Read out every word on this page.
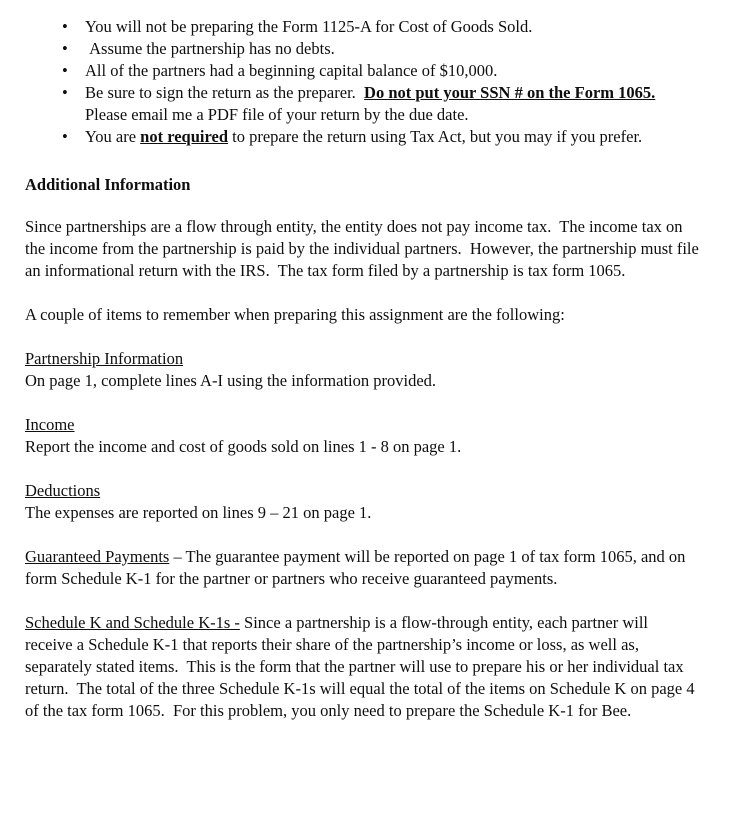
•	You will not be preparing the Form 1125-A for Cost of Goods Sold.
•	Assume the partnership has no debts.
•	All of the partners had a beginning capital balance of $10,000.
•	Be sure to sign the return as the preparer.  Do not put your SSN # on the Form 1065.  Please email me a PDF file of your return by the due date.
•	You are not required to prepare the return using Tax Act, but you may if you prefer.
Additional Information

Since partnerships are a flow through entity, the entity does not pay income tax.  The income tax on the income from the partnership is paid by the individual partners.  However, the partnership must file an informational return with the IRS.  The tax form filed by a partnership is tax form 1065.

A couple of items to remember when preparing this assignment are the following:

Partnership Information

On page 1, complete lines A-I using the information provided.

Income

Report the income and cost of goods sold on lines 1 - 8 on page 1.

Deductions

The expenses are reported on lines 9 – 21 on page 1.

Guaranteed Payments – The guarantee payment will be reported on page 1 of tax form 1065, and on form Schedule K-1 for the partner or partners who receive guaranteed payments.

Schedule K and Schedule K-1s - Since a partnership is a flow-through entity, each partner will receive a Schedule K-1 that reports their share of the partnership’s income or loss, as well as, separately stated items.  This is the form that the partner will use to prepare his or her individual tax return.  The total of the three Schedule K-1s will equal the total of the items on Schedule K on page 4 of the tax form 1065.  For this problem, you only need to prepare the Schedule K-1 for Bee.
